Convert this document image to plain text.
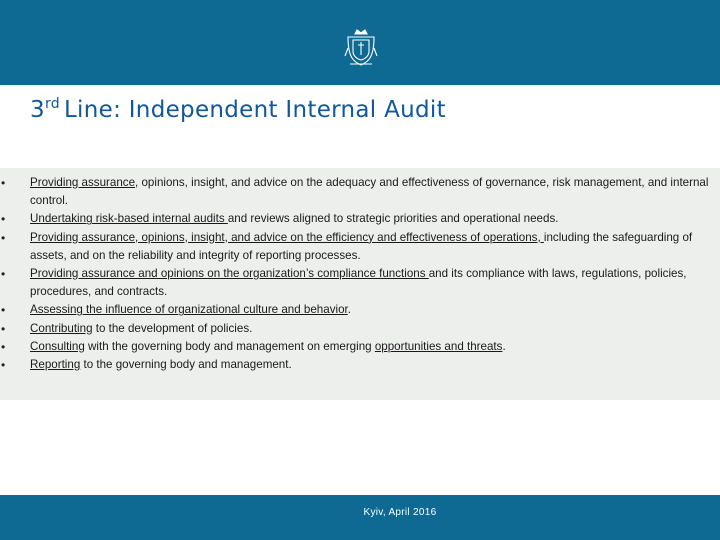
3rd Line: Independent Internal Audit
• Providing assurance, opinions, insight, and advice on the adequacy and effectiveness of governance, risk management, and internal control.
• Undertaking risk-based internal audits and reviews aligned to strategic priorities and operational needs.
• Providing assurance, opinions, insight, and advice on the efficiency and effectiveness of operations, including the safeguarding of assets, and on the reliability and integrity of reporting processes.
• Providing assurance and opinions on the organization’s compliance functions and its compliance with laws, regulations, policies, procedures, and contracts.
• Assessing the influence of organizational culture and behavior.
• Contributing to the development of policies.
• Consulting with the governing body and management on emerging opportunities and threats.
• Reporting to the governing body and management.
Kyiv, April 2016
